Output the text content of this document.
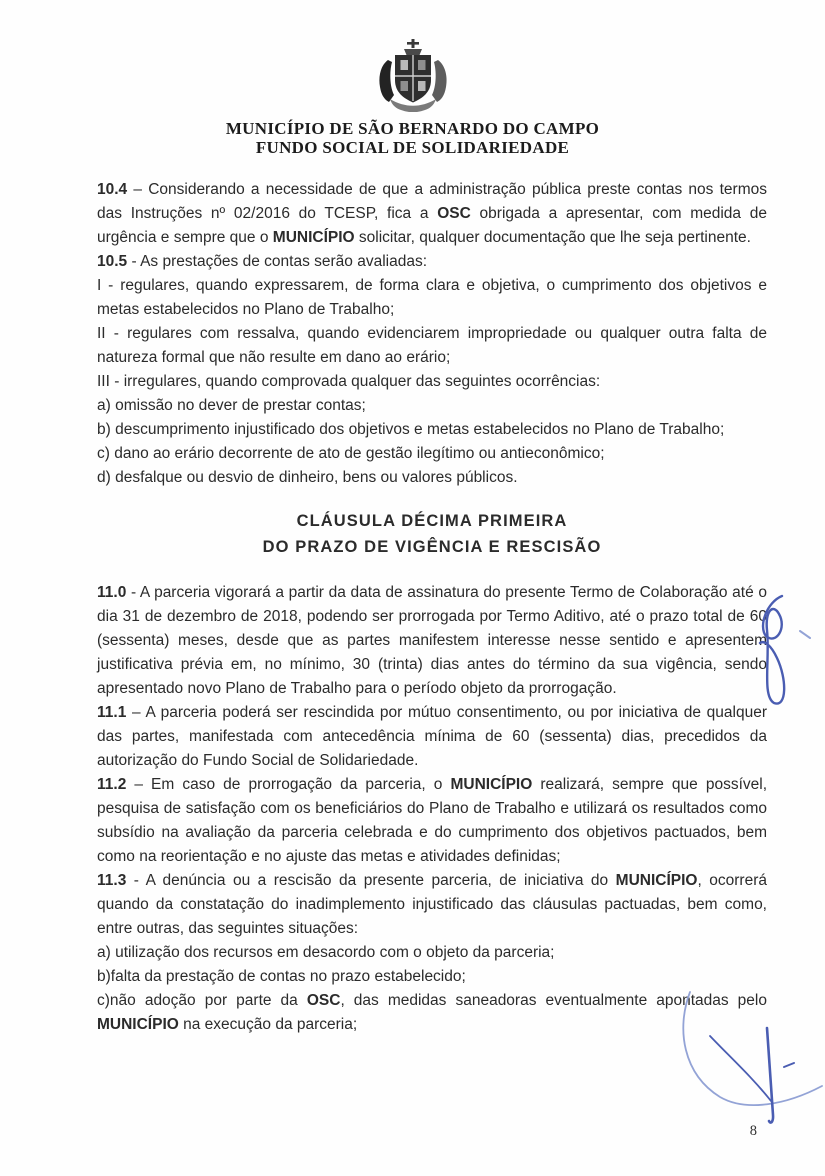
MUNICÍPIO DE SÃO BERNARDO DO CAMPO
FUNDO SOCIAL DE SOLIDARIEDADE

10.4 – Considerando a necessidade de que a administração pública preste contas nos termos das Instruções nº 02/2016 do TCESP, fica a OSC obrigada a apresentar, com medida de urgência e sempre que o MUNICÍPIO solicitar, qualquer documentação que lhe seja pertinente.

10.5 - As prestações de contas serão avaliadas:

I - regulares, quando expressarem, de forma clara e objetiva, o cumprimento dos objetivos e metas estabelecidos no Plano de Trabalho;

II - regulares com ressalva, quando evidenciarem impropriedade ou qualquer outra falta de natureza formal que não resulte em dano ao erário;

III - irregulares, quando comprovada qualquer das seguintes ocorrências:

a) omissão no dever de prestar contas;

b) descumprimento injustificado dos objetivos e metas estabelecidos no Plano de Trabalho;

c) dano ao erário decorrente de ato de gestão ilegítimo ou antieconômico;

d) desfalque ou desvio de dinheiro, bens ou valores públicos.

CLÁUSULA DÉCIMA PRIMEIRA
DO PRAZO DE VIGÊNCIA E RESCISÃO

11.0 - A parceria vigorará a partir da data de assinatura do presente Termo de Colaboração até o dia 31 de dezembro de 2018, podendo ser prorrogada por Termo Aditivo, até o prazo total de 60 (sessenta) meses, desde que as partes manifestem interesse nesse sentido e apresentem justificativa prévia em, no mínimo, 30 (trinta) dias antes do término da sua vigência, sendo apresentado novo Plano de Trabalho para o período objeto da prorrogação.

11.1 – A parceria poderá ser rescindida por mútuo consentimento, ou por iniciativa de qualquer das partes, manifestada com antecedência mínima de 60 (sessenta) dias, precedidos da autorização do Fundo Social de Solidariedade.

11.2 – Em caso de prorrogação da parceria, o MUNICÍPIO realizará, sempre que possível, pesquisa de satisfação com os beneficiários do Plano de Trabalho e utilizará os resultados como subsídio na avaliação da parceria celebrada e do cumprimento dos objetivos pactuados, bem como na reorientação e no ajuste das metas e atividades definidas;

11.3 - A denúncia ou a rescisão da presente parceria, de iniciativa do MUNICÍPIO, ocorrerá quando da constatação do inadimplemento injustificado das cláusulas pactuadas, bem como, entre outras, das seguintes situações:

a) utilização dos recursos em desacordo com o objeto da parceria;

b)falta da prestação de contas no prazo estabelecido;

c)não adoção por parte da OSC, das medidas saneadoras eventualmente apontadas pelo MUNICÍPIO na execução da parceria;

8
